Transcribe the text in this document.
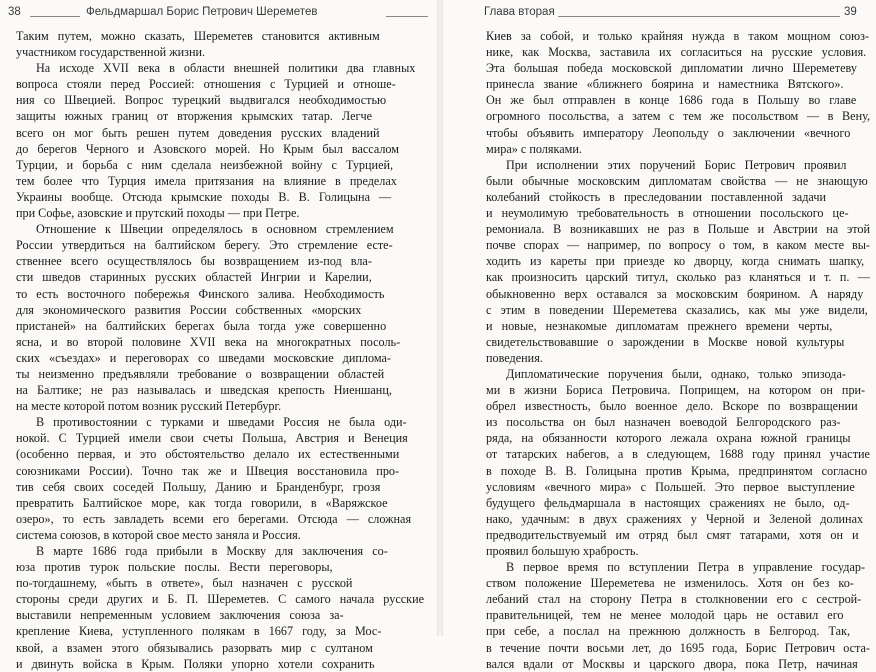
38	Фельдмаршал Борис Петрович Шереметев
Таким путем, можно сказать, Шереметев становится активным
участником государственной жизни.
На исходе XVII века в области внешней политики два главных
вопроса стояли перед Россией: отношения с Турцией и отноше-
ния со Швецией. Вопрос турецкий выдвигался необходимостью
защиты южных границ от вторжения крымских татар. Легче
всего он мог быть решен путем доведения русских владений
до берегов Черного и Азовского морей. Но Крым был вассалом
Турции, и борьба с ним сделала неизбежной войну с Турцией,
тем более что Турция имела притязания на влияние в пределах
Украины вообще. Отсюда крымские походы В. В. Голицына —
при Софье, азовские и прутский походы — при Петре.
Отношение к Швеции определялось в основном стремлением
России утвердиться на балтийском берегу. Это стремление есте-
ственнее всего осуществлялось бы возвращением из-под вла-
сти шведов старинных русских областей Ингрии и Карелии,
то есть восточного побережья Финского залива. Необходимость
для экономического развития России собственных «морских
пристаней» на балтийских берегах была тогда уже совершенно
ясна, и во второй половине XVII века на многократных посоль-
ских «съездах» и переговорах со шведами московские диплома-
ты неизменно предъявляли требование о возвращении областей
на Балтике; не раз называлась и шведская крепость Ниеншанц,
на месте которой потом возник русский Петербург.
В противостоянии с турками и шведами Россия не была оди-
нокой. С Турцией имели свои счеты Польша, Австрия и Венеция
(особенно первая, и это обстоятельство делало их естественными
союзниками России). Точно так же и Швеция восстановила про-
тив себя своих соседей Польшу, Данию и Бранденбург, грозя
превратить Балтийское море, как тогда говорили, в «Варяжское
озеро», то есть завладеть всеми его берегами. Отсюда — сложная
система союзов, в которой свое место заняла и Россия.
В марте 1686 года прибыли в Москву для заключения со-
юза против турок польские послы. Вести переговоры,
по-тогдашнему, «быть в ответе», был назначен с русской
стороны среди других и Б. П. Шереметев. С самого начала русские
выставили непременным условием заключения союза за-
крепление Киева, уступленного полякам в 1667 году, за Мос-
квой, а взамен этого обязывались разорвать мир с султаном
и двинуть войска в Крым. Поляки упорно хотели сохранить
Глава вторая	39
Киев за собой, и только крайняя нужда в таком мощном союз-
нике, как Москва, заставила их согласиться на русские условия.
Эта большая победа московской дипломатии лично Шереметеву
принесла звание «ближнего боярина и наместника Вятского».
Он же был отправлен в конце 1686 года в Польшу во главе
огромного посольства, а затем с тем же посольством — в Вену,
чтобы объявить императору Леопольду о заключении «вечного
мира» с поляками.
При исполнении этих поручений Борис Петрович проявил
были обычные московским дипломатам свойства — не знающую
колебаний стойкость в преследовании поставленной задачи
и неумолимую требовательность в отношении посольского це-
ремониала. В возникавших не раз в Польше и Австрии на этой
почве спорах — например, по вопросу о том, в каком месте вы-
ходить из кареты при приезде ко дворцу, когда снимать шапку,
как произносить царский титул, сколько раз кланяться и т. п. —
обыкновенно верх оставался за московским боярином. А наряду
с этим в поведении Шереметева сказались, как мы уже видели,
и новые, незнакомые дипломатам прежнего времени черты,
свидетельствовавшие о зарождении в Москве новой культуры
поведения.
Дипломатические поручения были, однако, только эпизода-
ми в жизни Бориса Петровича. Поприщем, на котором он при-
обрел известность, было военное дело. Вскоре по возвращении
из посольства он был назначен воеводой Белгородского раз-
ряда, на обязанности которого лежала охрана южной границы
от татарских набегов, а в следующем, 1688 году принял участие
в походе В. В. Голицына против Крыма, предпринятом согласно
условиям «вечного мира» с Польшей. Это первое выступление
будущего фельдмаршала в настоящих сражениях не было, од-
нако, удачным: в двух сражениях у Черной и Зеленой долинах
предводительствуемый им отряд был смят татарами, хотя он и
проявил большую храбрость.
В первое время по вступлении Петра в управление государ-
ством положение Шереметева не изменилось. Хотя он без ко-
лебаний стал на сторону Петра в столкновении его с сестрой-
правительницей, тем не менее молодой царь не оставил его
при себе, а послал на прежнюю должность в Белгород. Так,
в течение почти восьми лет, до 1695 года, Борис Петрович оста-
вался вдали от Москвы и царского двора, пока Петр, начиная
